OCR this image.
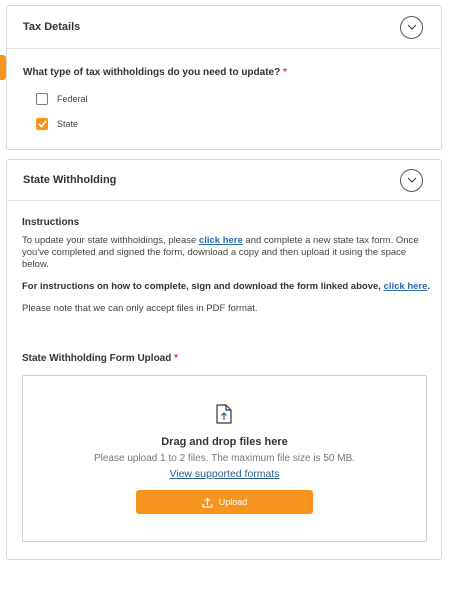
Tax Details
What type of tax withholdings do you need to update? *
Federal
State
State Withholding
Instructions
To update your state withholdings, please click here and complete a new state tax form. Once you've completed and signed the form, download a copy and then upload it using the space below.
For instructions on how to complete, sign and download the form linked above, click here.
Please note that we can only accept files in PDF format.
State Withholding Form Upload *
Drag and drop files here
Please upload 1 to 2 files. The maximum file size is 50 MB.
View supported formats
Upload
